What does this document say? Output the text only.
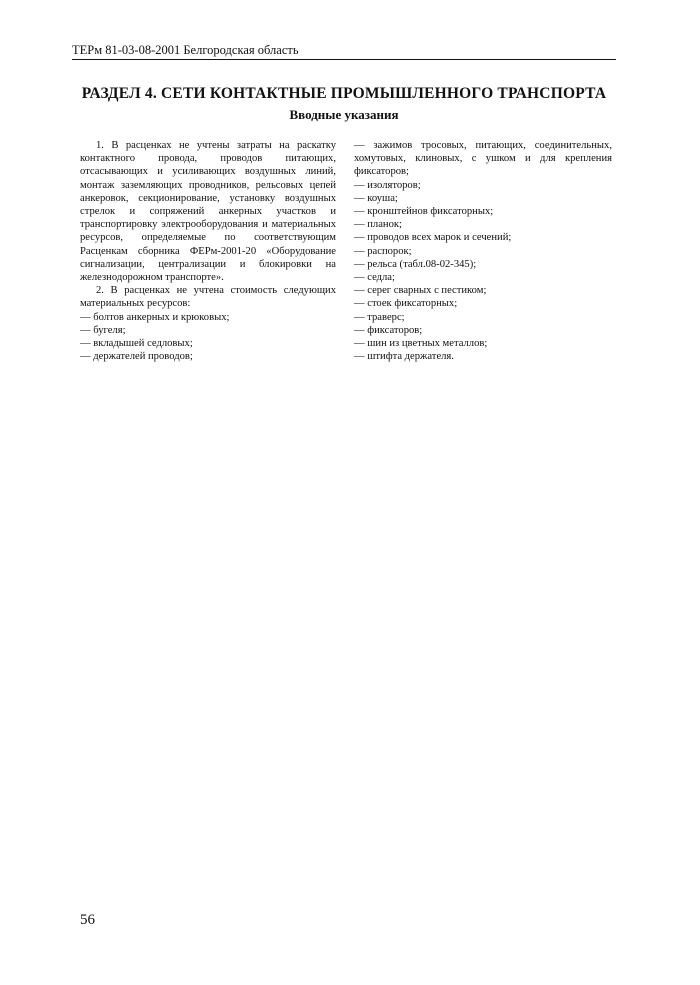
ТЕРм 81-03-08-2001 Белгородская область
РАЗДЕЛ 4. СЕТИ КОНТАКТНЫЕ ПРОМЫШЛЕННОГО ТРАНСПОРТА
Вводные указания

1. В расценках не учтены затраты на раскатку контактного провода, проводов питающих, отсасывающих и усиливающих воздушных линий, монтаж заземляющих проводников, рельсовых цепей анкеровок, секционирование, установку воздушных стрелок и сопряжений анкерных участков и транспортировку электрооборудования и материальных ресурсов, определяемые по соответствующим Расценкам сборника ФЕРм-2001-20 «Оборудование сигнализации, централизации и блокировки на железнодорожном транспорте».

2. В расценках не учтена стоимость следующих материальных ресурсов:

— болтов анкерных и крюковых;

— бугеля;

— вкладышей седловых;

— держателей проводов;

— зажимов тросовых, питающих, соединительных, хомутовых, клиновых, с ушком и для крепления фиксаторов;

— изоляторов;

— коуша;

— кронштейнов фиксаторных;

— планок;

— проводов всех марок и сечений;

— распорок;

— рельса (табл.08-02-345);

— седла;

— серег сварных с пестиком;

— стоек фиксаторных;

— траверс;

— фиксаторов;

— шин из цветных металлов;

— штифта держателя.

56
